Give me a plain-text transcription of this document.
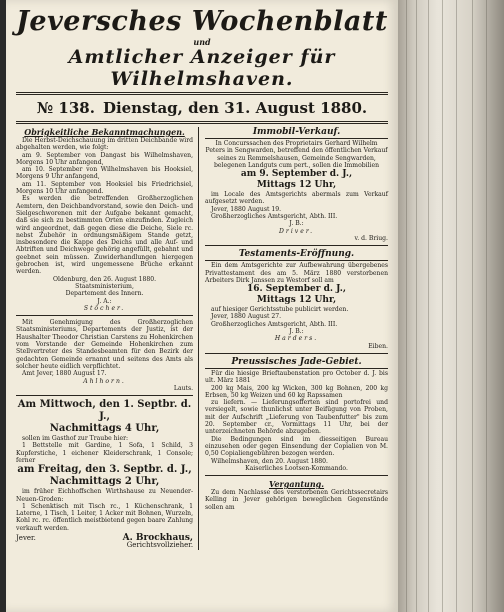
Jeversches Wochenblatt
und
Amtlicher Anzeiger für Wilhelmshaven.
№ 138. Dienstag, den 31. August 1880.
Obrigkeitliche Bekanntmachungen.

Die Herbst-Deichschauung im dritten Deichbande wird abgehalten werden, wie folgt:

am 9. September von Dangast bis Wilhelmshaven, Morgens 10 Uhr anfangend,

am 10. September von Wilhelmshaven bis Hooksiel, Morgens 9 Uhr anfangend,

am 11. September von Hooksiel bis Friedrichsiel, Morgens 10 Uhr anfangend.

Es werden die betreffenden Großherzoglichen Aemtern, den Deichbandvorstand, sowie den Deich- und Sielgeschworenen mit der Aufgabe bekannt gemacht, daß sie sich zu bestimmten Orten einzufinden. Zugleich wird angeordnet, daß gegen diese die Deiche, Siele rc. nebst Zubehör in ordnungsmäßigem Stande getzt, insbesondere die Kappe des Deichs und alle Auf- und Abtriften und Deichwege gehörig angefüllt, gebahnt und geebnet sein müssen. Zuwiderhandlungen hiergegen gebrochen ist, wird ungemessene Brüche erkannt werden.

Oldenburg, den 26. August 1880.

Staatsministerium,

Departement des Innern.

J. A.:

Stöcher.

Mit Genehmigung des Großherzoglichen Staatsministeriums, Departements der Justiz, ist der Haushalter Theodor Christian Carstens zu Hohenkirchen vom Vorstande der Gemeinde Hohenkirchen zum Stellvertreter des Standesbeamten für den Bezirk der gedachten Gemeinde ernannt und seitens des Amts als solcher heute eidlich verpflichtet.

Amt Jever, 1880 August 17.

Ahlhorn.

Lauts.

Am Mittwoch, den 1. Septbr. d. J.,

Nachmittags 4 Uhr,

sollen im Gasthof zur Traube hier:

1 Bettstelle mit Gardine, 1 Sofa, 1 Schild, 3 Kupferstiche, 1 eichener Kleiderschrank, 1 Console; ferner

am Freitag, den 3. Septbr. d. J.,

Nachmittags 2 Uhr,

im früher Eichhoffschen Wirthshause zu Neuender-Neuen-Groden:

1 Schenktisch mit Tisch rc., 1 Küchenschrank, 1 Laterne, 1 Tisch, 1 Leiter, 1 Acker mit Bohnen, Wurzeln, Kohl rc. rc. öffentlich meistbietend gegen baare Zahlung verkauft werden.

Jever.	A. Brockhaus,
Gerichtsvollzieher.
Immobil-Verkauf.

In Concurssachen des Proprietairs Gerhard Wilhelm Peters in Sengwarden, betreffend den öffentlichen Verkauf seines zu Remmelshausen, Gemeinde Sengwarden, belegenen Landguts cum pert., sollen die Immobilien

am 9. September d. J.,

Mittags 12 Uhr,

im Locale des Amtsgerichts abermals zum Verkauf aufgesetzt werden.

Jever, 1880 August 19.

Großherzogliches Amtsgericht, Abth. III.

J. B.:

Driver.

v. d. Briug.

Testaments-Eröffnung.

Ein dem Amtsgerichte zur Aufbewahrung übergebenes Privattestament des am 5. März 1880 verstorbenen Arbeiters Dirk Janssen zu Westorf soll am

16. September d. J.,

Mittags 12 Uhr,

auf hiesiger Gerichtsstube publicirt werden.

Jever, 1880 August 27.

Großherzogliches Amtsgericht, Abth. III.

J. B.:

Harders.

Eiben.

Preussisches Jade-Gebiet.

Für die hiesige Brieftaubenstation pro October d. J. bis ult. März 1881

200 kg Mais, 200 kg Wicken, 300 kg Bohnen, 200 kg Erbsen, 50 kg Weizen und 60 kg Rapssamen

zu liefern. — Lieferungsofferten sind portofrei und versiegelt, sowie thunlichst unter Beifügung von Proben, mit der Aufschrift „Lieferung von Taubenfutter" bis zum 20. September cr., Vormittags 11 Uhr, bei der unterzeichneten Behörde abzugeben.

Die Bedingungen sind im diesseitigen Bureau einzusehen oder gegen Einsendung der Copialien von M. 0,50 Copialiengebühren bezogen werden.

Wilhelmshaven, den 20. August 1880.

Kaiserliches Lootsen-Kommando.

Vergantung.

Zu dem Nachlasse des verstorbenen Gerichtssecretairs Kelling in Jever gehörigen beweglichen Gegenstände sollen am
